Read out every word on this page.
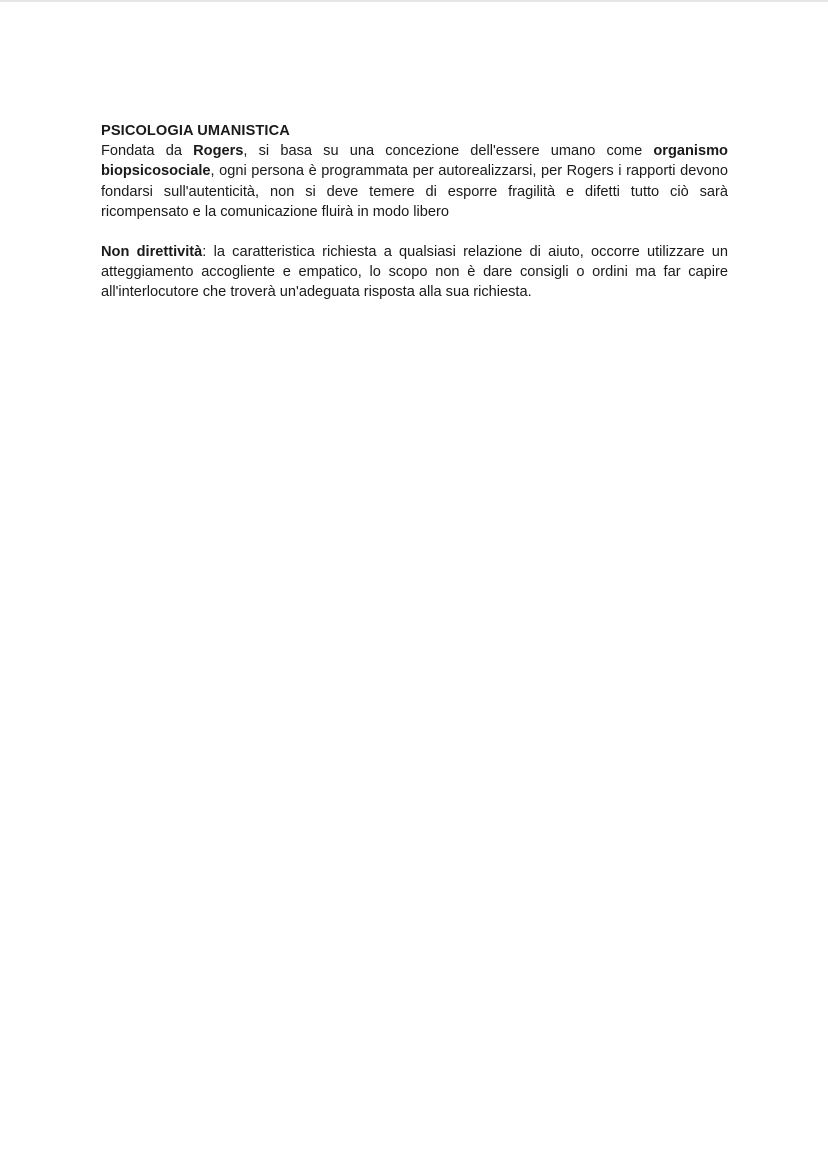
PSICOLOGIA UMANISTICA

Fondata da Rogers, si basa su una concezione dell'essere umano come organismo biopsicosociale, ogni persona è programmata per autorealizzarsi, per Rogers i rapporti devono fondarsi sull'autenticità, non si deve temere di esporre fragilità e difetti tutto ciò sarà ricompensato e la comunicazione fluirà in modo libero

Non direttività: la caratteristica richiesta a qualsiasi relazione di aiuto, occorre utilizzare un atteggiamento accogliente e empatico, lo scopo non è dare consigli o ordini ma far capire all'interlocutore che troverà un'adeguata risposta alla sua richiesta.
